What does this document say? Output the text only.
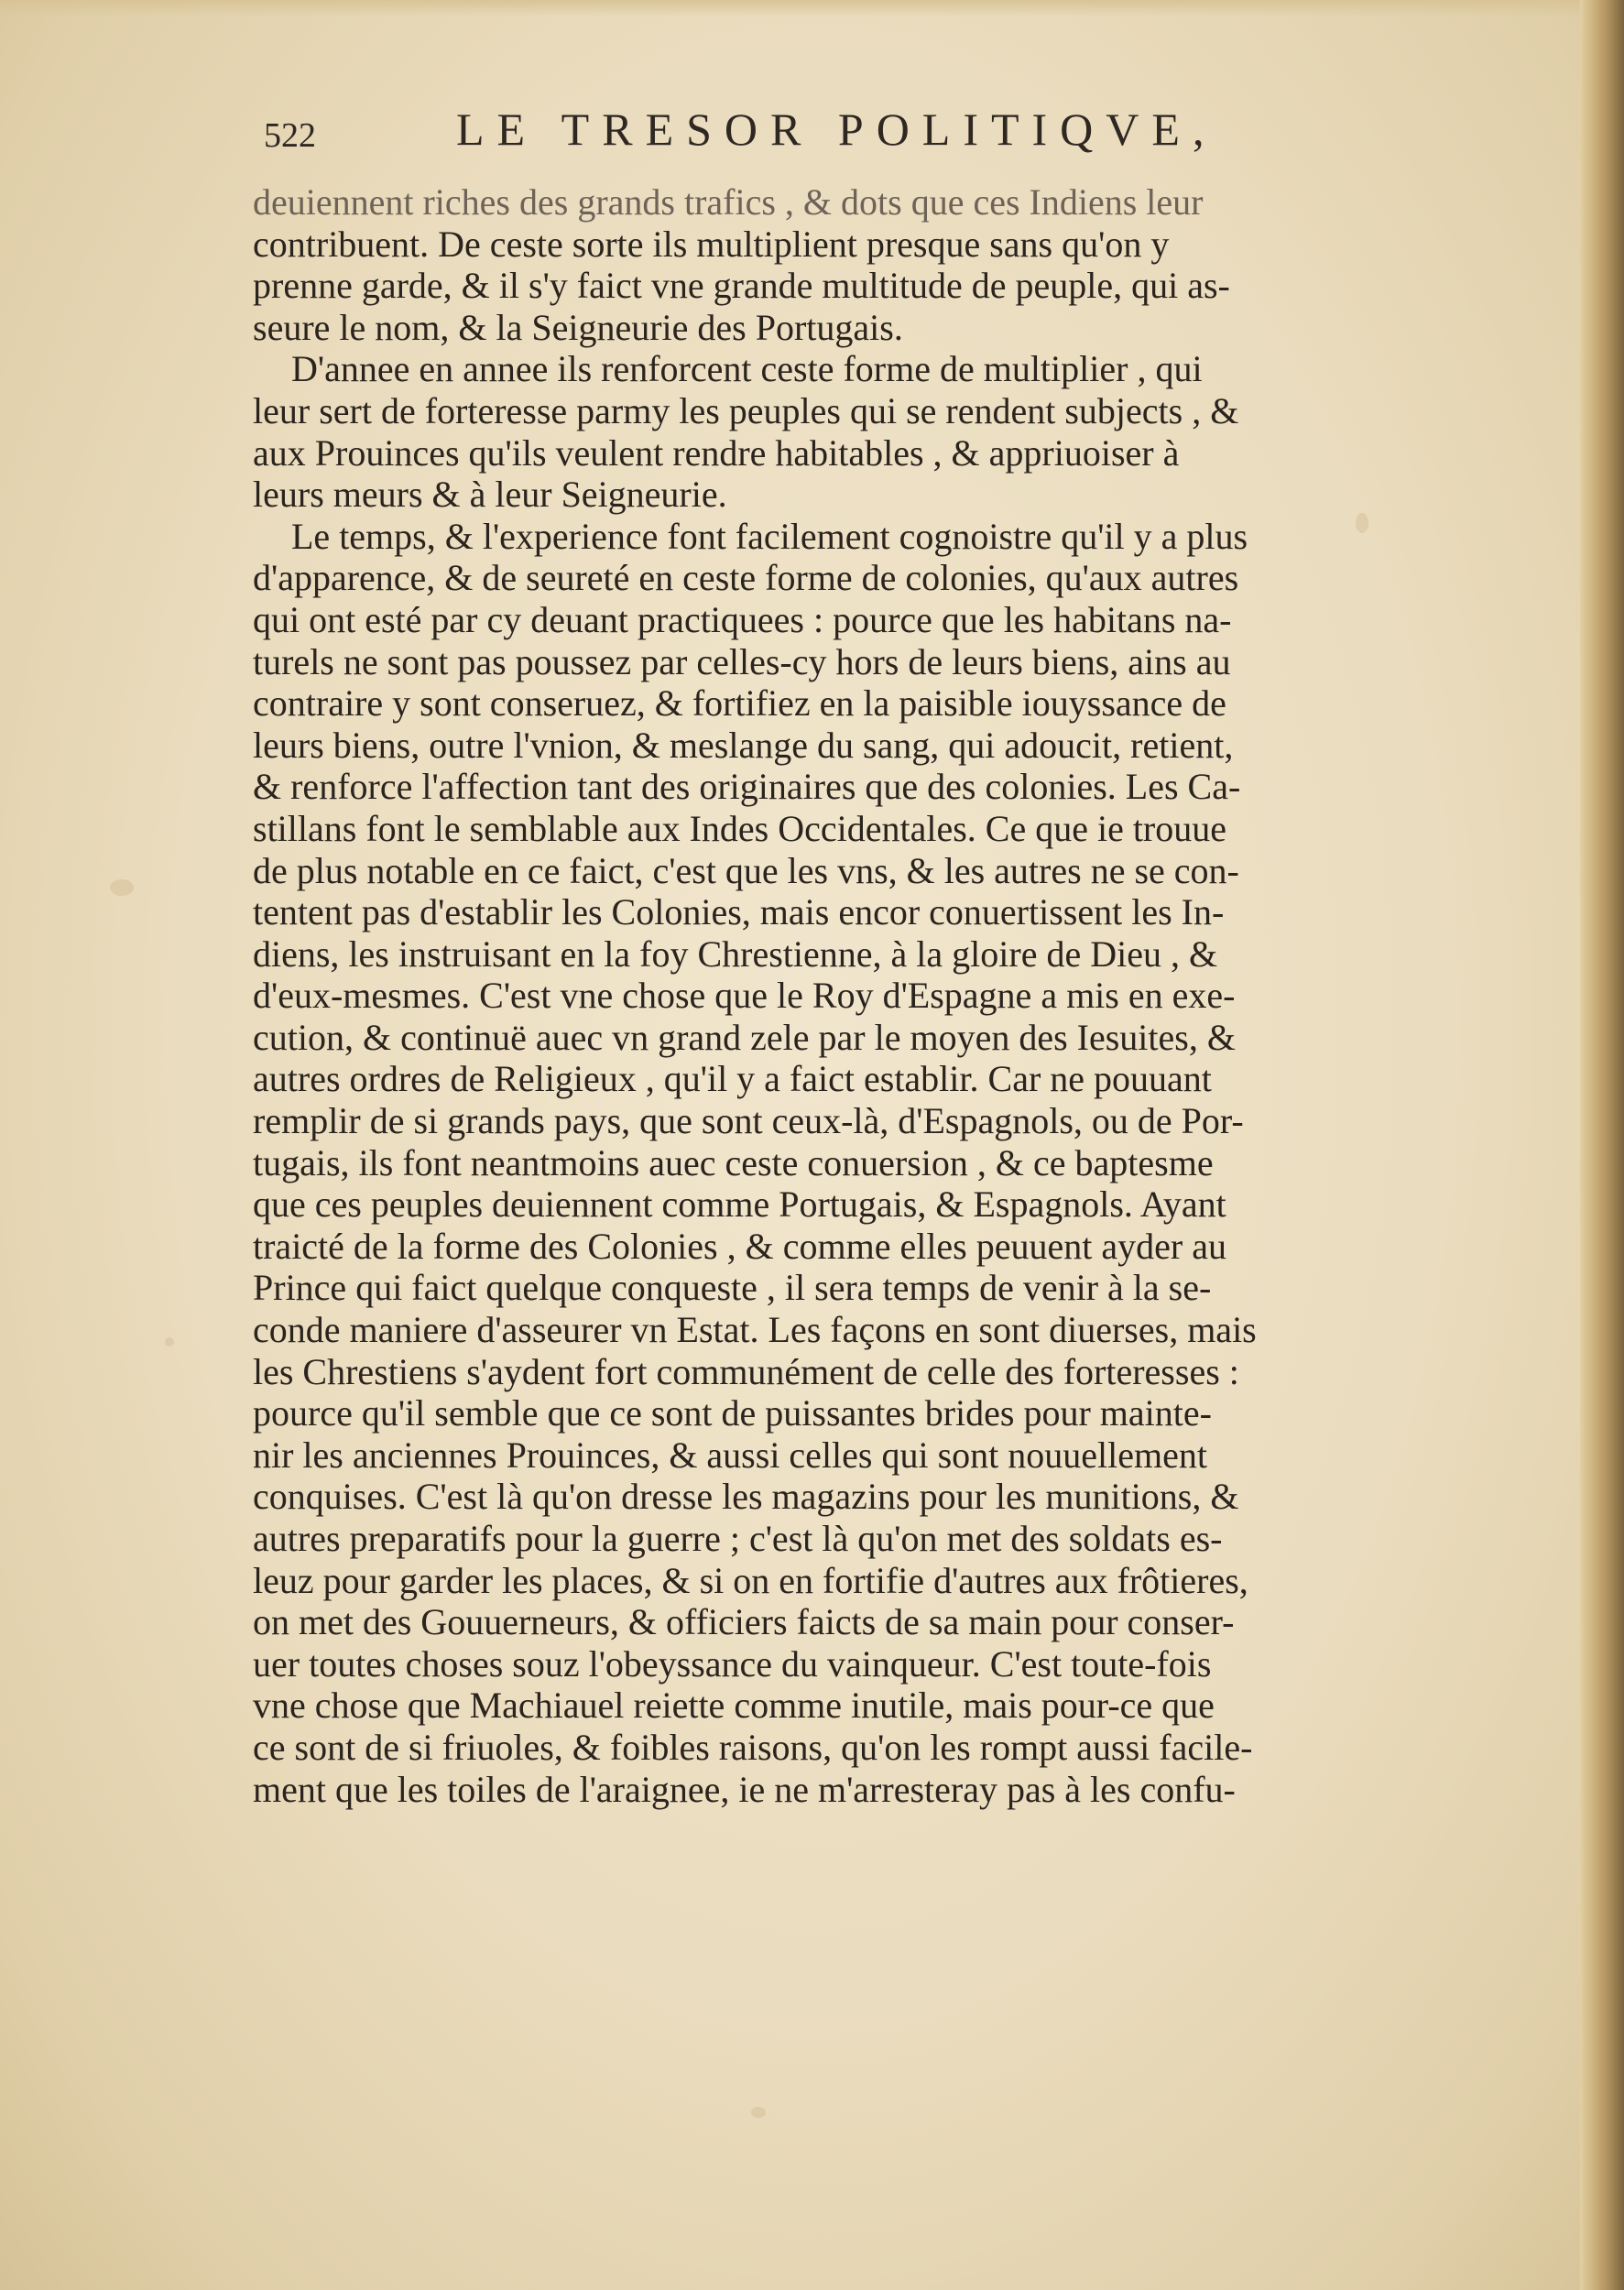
522	LE TRESOR POLITIQVE,
deuiennent riches des grands trafics , & dots que ces Indiens leur
contribuent. De ceste sorte ils multiplient presque sans qu'on y
prenne garde, & il s'y faict vne grande multitude de peuple, qui as-
seure le nom, & la Seigneurie des Portugais.
D'annee en annee ils renforcent ceste forme de multiplier , qui
leur sert de forteresse parmy les peuples qui se rendent subjects , &
aux Prouinces qu'ils veulent rendre habitables , & appriuoiser à
leurs meurs & à leur Seigneurie.
Le temps, & l'experience font facilement cognoistre qu'il y a plus
d'apparence, & de seureté en ceste forme de colonies, qu'aux autres
qui ont esté par cy deuant practiquees : pource que les habitans na-
turels ne sont pas poussez par celles-cy hors de leurs biens, ains au
contraire y sont conseruez, & fortifiez en la paisible iouyssance de
leurs biens, outre l'vnion, & meslange du sang, qui adoucit, retient,
& renforce l'affection tant des originaires que des colonies. Les Ca-
stillans font le semblable aux Indes Occidentales. Ce que ie trouue
de plus notable en ce faict, c'est que les vns, & les autres ne se con-
tentent pas d'establir les Colonies, mais encor conuertissent les In-
diens, les instruisant en la foy Chrestienne, à la gloire de Dieu , &
d'eux-mesmes. C'est vne chose que le Roy d'Espagne a mis en exe-
cution, & continuë auec vn grand zele par le moyen des Iesuites, &
autres ordres de Religieux , qu'il y a faict establir. Car ne pouuant
remplir de si grands pays, que sont ceux-là, d'Espagnols, ou de Por-
tugais, ils font neantmoins auec ceste conuersion , & ce baptesme
que ces peuples deuiennent comme Portugais, & Espagnols. Ayant
traicté de la forme des Colonies , & comme elles peuuent ayder au
Prince qui faict quelque conqueste , il sera temps de venir à la se-
conde maniere d'asseurer vn Estat. Les façons en sont diuerses, mais
les Chrestiens s'aydent fort communément de celle des forteresses :
pource qu'il semble que ce sont de puissantes brides pour mainte-
nir les anciennes Prouinces, & aussi celles qui sont nouuellement
conquises. C'est là qu'on dresse les magazins pour les munitions, &
autres preparatifs pour la guerre ; c'est là qu'on met des soldats es-
leuz pour garder les places, & si on en fortifie d'autres aux frôtieres,
on met des Gouuerneurs, & officiers faicts de sa main pour conser-
uer toutes choses souz l'obeyssance du vainqueur. C'est toute-fois
vne chose que Machiauel reiette comme inutile, mais pour-ce que
ce sont de si friuoles, & foibles raisons, qu'on les rompt aussi facile-
ment que les toiles de l'araignee, ie ne m'arresteray pas à les confu-
